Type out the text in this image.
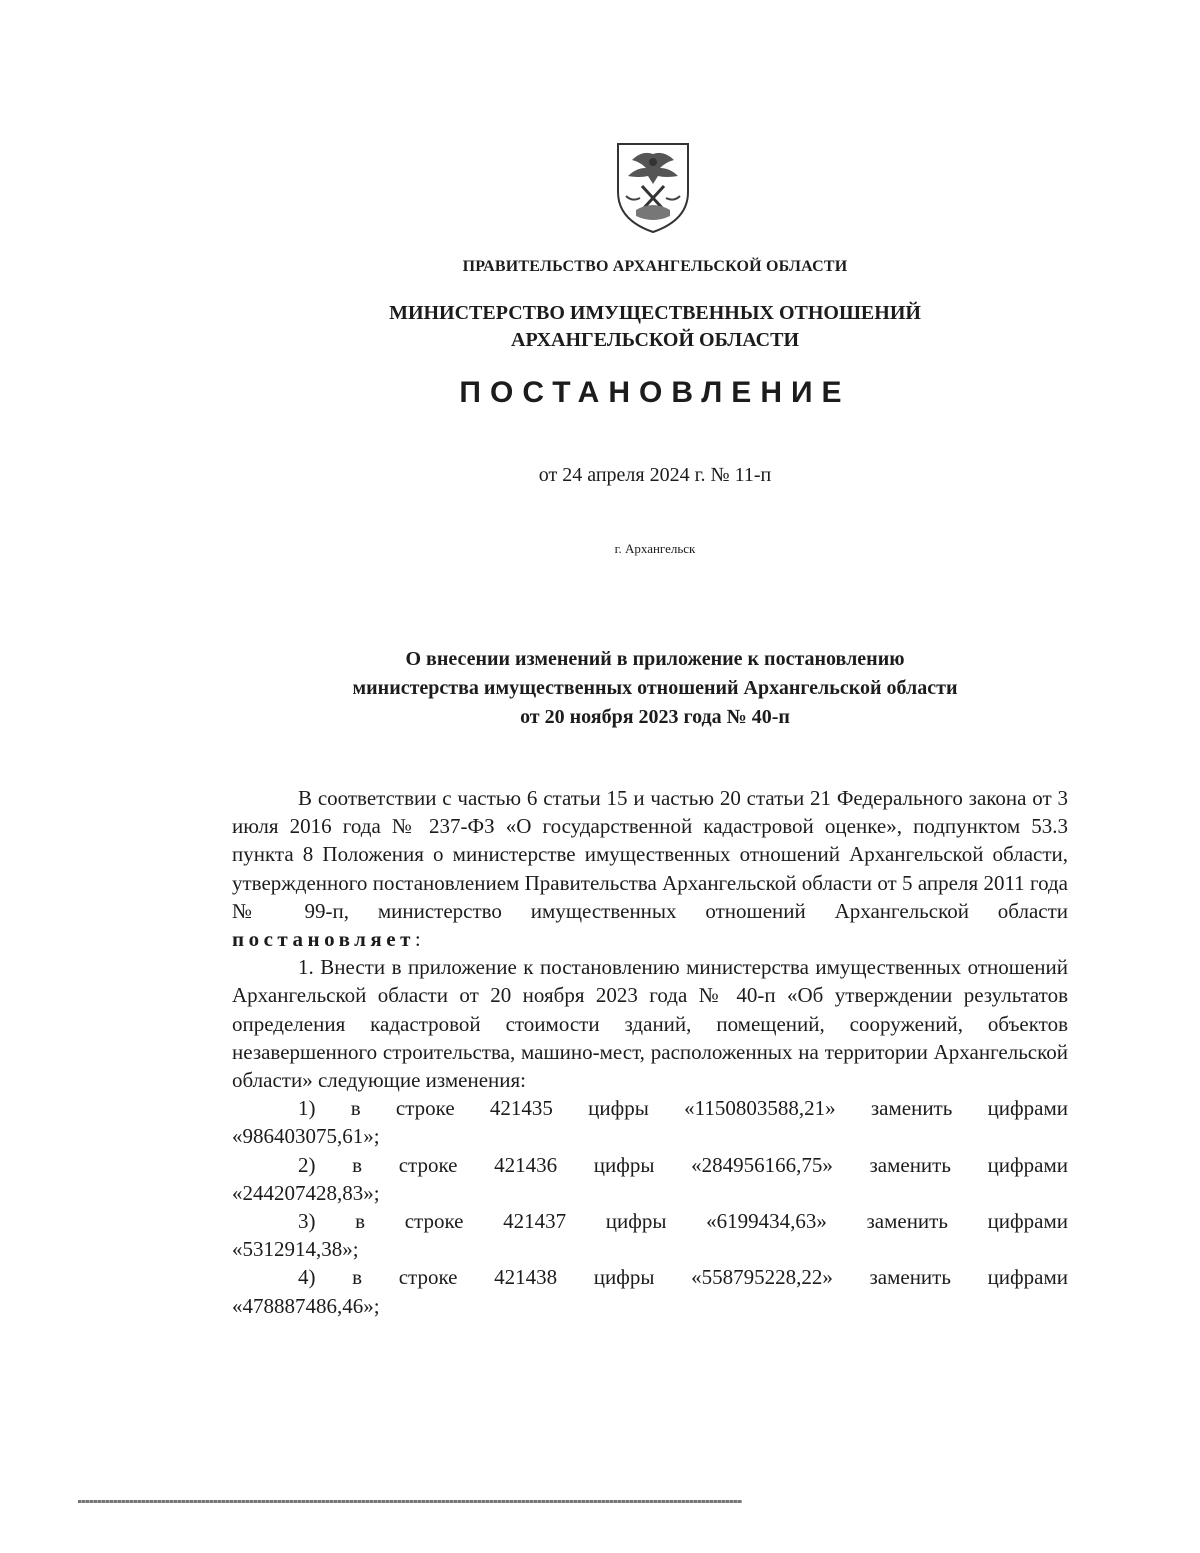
ПРАВИТЕЛЬСТВО АРХАНГЕЛЬСКОЙ ОБЛАСТИ
МИНИСТЕРСТВО ИМУЩЕСТВЕННЫХ ОТНОШЕНИЙ
АРХАНГЕЛЬСКОЙ ОБЛАСТИ
ПОСТАНОВЛЕНИЕ
от 24 апреля 2024 г. № 11-п
г. Архангельск
О внесении изменений в приложение к постановлению
министерства имущественных отношений Архангельской области
от 20 ноября 2023 года № 40-п

В соответствии с частью 6 статьи 15 и частью 20 статьи 21 Федерального закона от 3 июля 2016 года № 237-ФЗ «О государственной кадастровой оценке», подпунктом 53.3 пункта 8 Положения о министерстве имущественных отношений Архангельской области, утвержденного постановлением Правительства Архангельской области от 5 апреля 2011 года № 99-п, министерство имущественных отношений Архангельской области постановляет:

1. Внести в приложение к постановлению министерства имущественных отношений Архангельской области от 20 ноября 2023 года № 40-п «Об утверждении результатов определения кадастровой стоимости зданий, помещений, сооружений, объектов незавершенного строительства, машино-мест, расположенных на территории Архангельской области» следующие изменения:

1) в строке 421435 цифры «1150803588,21» заменить цифрами
«986403075,61»;

2) в строке 421436 цифры «284956166,75» заменить цифрами
«244207428,83»;

3) в строке 421437 цифры «6199434,63» заменить цифрами
«5312914,38»;

4) в строке 421438 цифры «558795228,22» заменить цифрами
«478887486,46»;
